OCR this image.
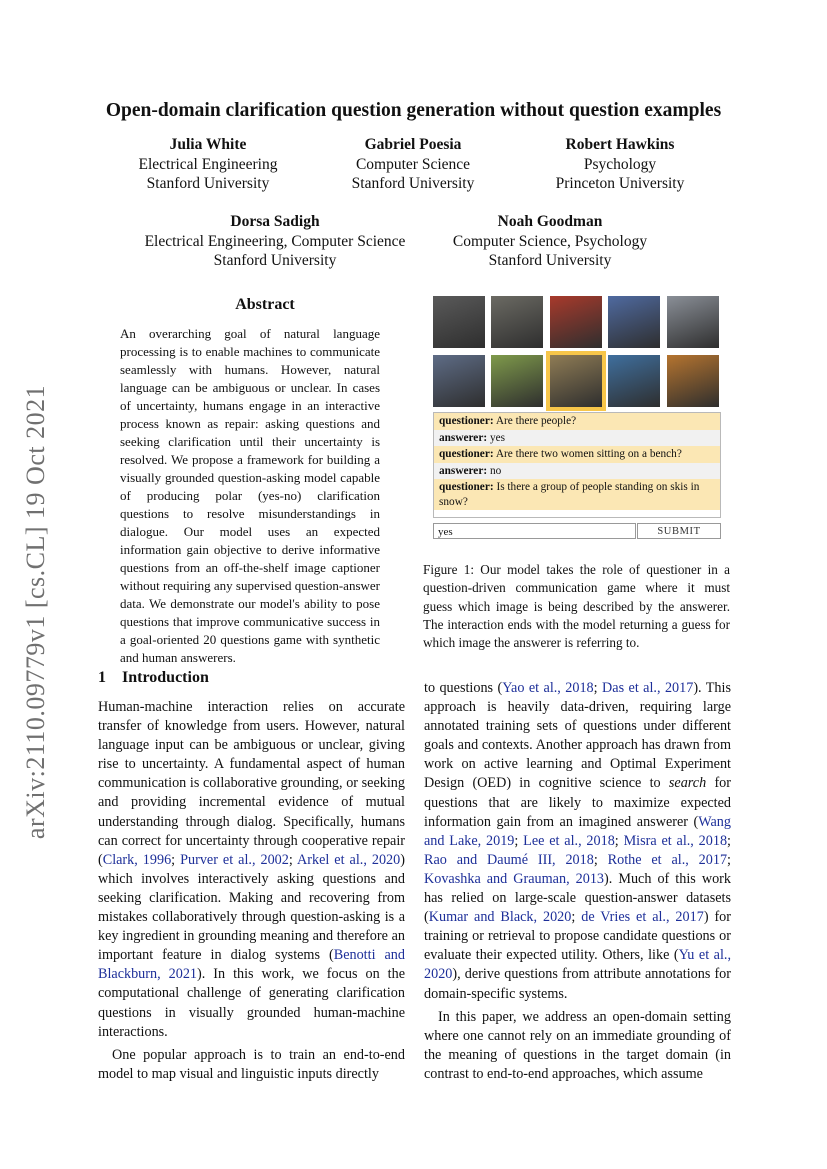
Open-domain clarification question generation without question examples
arXiv:2110.09779v1 [cs.CL] 19 Oct 2021
Julia White
Electrical Engineering
Stanford University
Gabriel Poesia
Computer Science
Stanford University
Robert Hawkins
Psychology
Princeton University
Dorsa Sadigh
Electrical Engineering, Computer Science
Stanford University
Noah Goodman
Computer Science, Psychology
Stanford University
Abstract
An overarching goal of natural language processing is to enable machines to communicate seamlessly with humans. However, natural language can be ambiguous or unclear. In cases of uncertainty, humans engage in an interactive process known as repair: asking questions and seeking clarification until their uncertainty is resolved. We propose a framework for building a visually grounded question-asking model capable of producing polar (yes-no) clarification questions to resolve misunderstandings in dialogue. Our model uses an expected information gain objective to derive informative questions from an off-the-shelf image captioner without requiring any supervised question-answer data. We demonstrate our model's ability to pose questions that improve communicative success in a goal-oriented 20 questions game with synthetic and human answerers.
questioner: Are there people?
answerer: yes
questioner: Are there two women sitting on a bench?
answerer: no
questioner: Is there a group of people standing on skis in snow?
yes	SUBMIT
Figure 1: Our model takes the role of questioner in a question-driven communication game where it must guess which image is being described by the answerer. The interaction ends with the model returning a guess for which image the answerer is referring to.
1 Introduction

Human-machine interaction relies on accurate transfer of knowledge from users. However, natural language input can be ambiguous or unclear, giving rise to uncertainty. A fundamental aspect of human communication is collaborative grounding, or seeking and providing incremental evidence of mutual understanding through dialog. Specifically, humans can correct for uncertainty through cooperative repair (Clark, 1996; Purver et al., 2002; Arkel et al., 2020) which involves interactively asking questions and seeking clarification. Making and recovering from mistakes collaboratively through question-asking is a key ingredient in grounding meaning and therefore an important feature in dialog systems (Benotti and Blackburn, 2021). In this work, we focus on the computational challenge of generating clarification questions in visually grounded human-machine interactions.

One popular approach is to train an end-to-end model to map visual and linguistic inputs directly

to questions (Yao et al., 2018; Das et al., 2017). This approach is heavily data-driven, requiring large annotated training sets of questions under different goals and contexts. Another approach has drawn from work on active learning and Optimal Experiment Design (OED) in cognitive science to search for questions that are likely to maximize expected information gain from an imagined answerer (Wang and Lake, 2019; Lee et al., 2018; Misra et al., 2018; Rao and Daumé III, 2018; Rothe et al., 2017; Kovashka and Grauman, 2013). Much of this work has relied on large-scale question-answer datasets (Kumar and Black, 2020; de Vries et al., 2017) for training or retrieval to propose candidate questions or evaluate their expected utility. Others, like (Yu et al., 2020), derive questions from attribute annotations for domain-specific systems.

In this paper, we address an open-domain setting where one cannot rely on an immediate grounding of the meaning of questions in the target domain (in contrast to end-to-end approaches, which assume
